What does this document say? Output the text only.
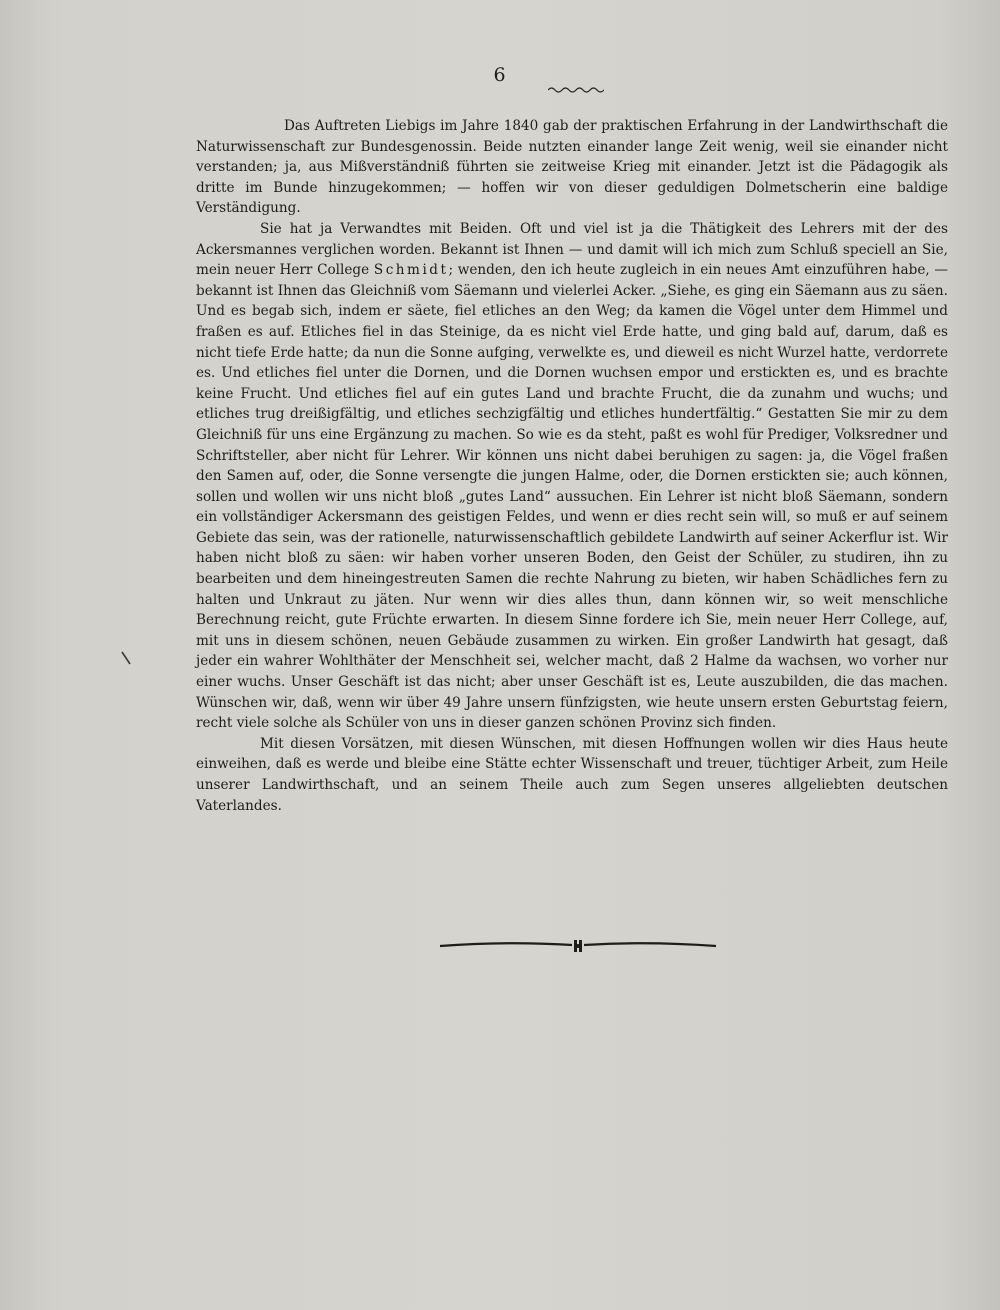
6

Das Auftreten Liebigs im Jahre 1840 gab der praktischen Erfahrung in der Landwirthschaft die Naturwissenschaft zur Bundesgenossin. Beide nutzten einander lange Zeit wenig, weil sie einander nicht verstanden; ja, aus Mißverständniß führten sie zeitweise Krieg mit einander. Jetzt ist die Pädagogik als dritte im Bunde hinzugekommen; — hoffen wir von dieser geduldigen Dolmetscherin eine baldige Verständigung.

Sie hat ja Verwandtes mit Beiden. Oft und viel ist ja die Thätigkeit des Lehrers mit der des Ackersmannes verglichen worden. Bekannt ist Ihnen — und damit will ich mich zum Schluß speciell an Sie, mein neuer Herr College Schmidt; wenden, den ich heute zugleich in ein neues Amt einzuführen habe, — bekannt ist Ihnen das Gleichniß vom Säemann und vielerlei Acker. „Siehe, es ging ein Säemann aus zu säen. Und es begab sich, indem er säete, fiel etliches an den Weg; da kamen die Vögel unter dem Himmel und fraßen es auf. Etliches fiel in das Steinige, da es nicht viel Erde hatte, und ging bald auf, darum, daß es nicht tiefe Erde hatte; da nun die Sonne aufging, verwelkte es, und dieweil es nicht Wurzel hatte, verdorrete es. Und etliches fiel unter die Dornen, und die Dornen wuchsen empor und erstickten es, und es brachte keine Frucht. Und etliches fiel auf ein gutes Land und brachte Frucht, die da zunahm und wuchs; und etliches trug dreißigfältig, und etliches sechzigfältig und etliches hundertfältig.“ Gestatten Sie mir zu dem Gleichniß für uns eine Ergänzung zu machen. So wie es da steht, paßt es wohl für Prediger, Volksredner und Schriftsteller, aber nicht für Lehrer. Wir können uns nicht dabei beruhigen zu sagen: ja, die Vögel fraßen den Samen auf, oder, die Sonne versengte die jungen Halme, oder, die Dornen erstickten sie; auch können, sollen und wollen wir uns nicht bloß „gutes Land“ aussuchen. Ein Lehrer ist nicht bloß Säemann, sondern ein vollständiger Ackersmann des geistigen Feldes, und wenn er dies recht sein will, so muß er auf seinem Gebiete das sein, was der rationelle, naturwissenschaftlich gebildete Landwirth auf seiner Ackerflur ist. Wir haben nicht bloß zu säen: wir haben vorher unseren Boden, den Geist der Schüler, zu studiren, ihn zu bearbeiten und dem hineingestreuten Samen die rechte Nahrung zu bieten, wir haben Schädliches fern zu halten und Unkraut zu jäten. Nur wenn wir dies alles thun, dann können wir, so weit menschliche Berechnung reicht, gute Früchte erwarten. In diesem Sinne fordere ich Sie, mein neuer Herr College, auf, mit uns in diesem schönen, neuen Gebäude zusammen zu wirken. Ein großer Landwirth hat gesagt, daß jeder ein wahrer Wohlthäter der Menschheit sei, welcher macht, daß 2 Halme da wachsen, wo vorher nur einer wuchs. Unser Geschäft ist das nicht; aber unser Geschäft ist es, Leute auszubilden, die das machen. Wünschen wir, daß, wenn wir über 49 Jahre unsern fünfzigsten, wie heute unsern ersten Geburtstag feiern, recht viele solche als Schüler von uns in dieser ganzen schönen Provinz sich finden.

Mit diesen Vorsätzen, mit diesen Wünschen, mit diesen Hoffnungen wollen wir dies Haus heute einweihen, daß es werde und bleibe eine Stätte echter Wissenschaft und treuer, tüchtiger Arbeit, zum Heile unserer Landwirthschaft, und an seinem Theile auch zum Segen unseres allgeliebten deutschen Vaterlandes.
